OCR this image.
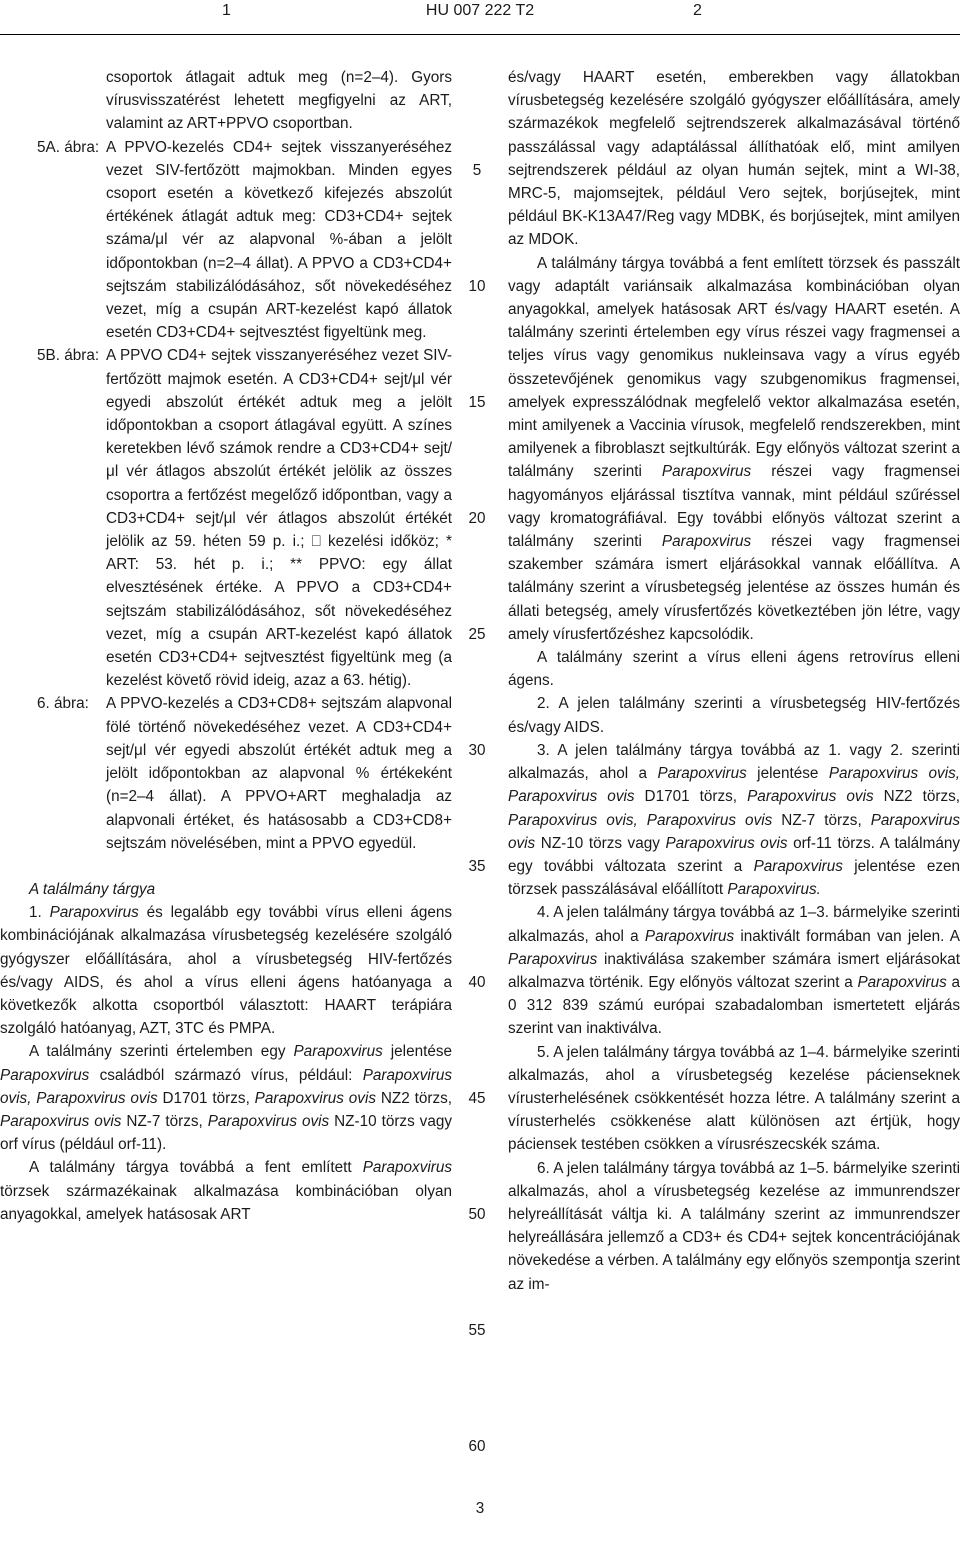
1	HU 007 222 T2	2

csoportok átlagait adtuk meg (n=2–4). Gyors vírusvisszatérést lehetett megfigyelni az ART, valamint az ART+PPVO csoportban.

5A. ábra: A PPVO-kezelés CD4+ sejtek visszanyeréséhez vezet SIV-fertőzött majmokban. Minden egyes csoport esetén a következő kifejezés abszolút értékének átlagát adtuk meg: CD3+CD4+ sejtek száma/μl vér az alapvonal %-ában a jelölt időpontokban (n=2–4 állat). A PPVO a CD3+CD4+ sejtszám stabilizálódásához, sőt növekedéséhez vezet, míg a csupán ART-kezelést kapó állatok esetén CD3+CD4+ sejtvesztést figyeltünk meg.

5B. ábra: A PPVO CD4+ sejtek visszanyeréséhez vezet SIV-fertőzött majmok esetén. A CD3+CD4+ sejt/μl vér egyedi abszolút értékét adtuk meg a jelölt időpontokban a csoport átlagával együtt. A színes keretekben lévő számok rendre a CD3+CD4+ sejt/μl vér átlagos abszolút értékét jelölik az összes csoportra a fertőzést megelőző időpontban, vagy a CD3+CD4+ sejt/μl vér átlagos abszolút értékét jelölik az 59. héten 59 p. i.; ⎕ kezelési időköz; * ART: 53. hét p. i.; ** PPVO: egy állat elvesztésének értéke. A PPVO a CD3+CD4+ sejtszám stabilizálódásához, sőt növekedéséhez vezet, míg a csupán ART-kezelést kapó állatok esetén CD3+CD4+ sejtvesztést figyeltünk meg (a kezelést követő rövid ideig, azaz a 63. hétig).

6. ábra:	A PPVO-kezelés a CD3+CD8+ sejtszám alapvonal fölé történő növekedéséhez vezet. A CD3+CD4+ sejt/μl vér egyedi abszolút értékét adtuk meg a jelölt időpontokban az alapvonal % értékeként (n=2–4 állat). A PPVO+ART meghaladja az alapvonali értéket, és hatásosabb a CD3+CD8+ sejtszám növelésében, mint a PPVO egyedül.

A találmány tárgya

1. Parapoxvirus és legalább egy további vírus elleni ágens kombinációjának alkalmazása vírusbetegség kezelésére szolgáló gyógyszer előállítására, ahol a vírusbetegség HIV-fertőzés és/vagy AIDS, és ahol a vírus elleni ágens hatóanyaga a következők alkotta csoportból választott: HAART terápiára szolgáló hatóanyag, AZT, 3TC és PMPA.

A találmány szerinti értelemben egy Parapoxvirus jelentése Parapoxvirus családból származó vírus, például: Parapoxvirus ovis, Parapoxvirus ovis D1701 törzs, Parapoxvirus ovis NZ2 törzs, Parapoxvirus ovis NZ-7 törzs, Parapoxvirus ovis NZ-10 törzs vagy orf vírus (például orf-11).

A találmány tárgya továbbá a fent említett Parapoxvirus törzsek származékainak alkalmazása kombinációban olyan anyagokkal, amelyek hatásosak ART

5
10
15
20
25
30
35
40
45
50
55
60

és/vagy HAART esetén, emberekben vagy állatokban vírusbetegség kezelésére szolgáló gyógyszer előállítására, amely származékok megfelelő sejtrendszerek alkalmazásával történő passzálással vagy adaptálással állíthatóak elő, mint amilyen sejtrendszerek például az olyan humán sejtek, mint a WI-38, MRC-5, majomsejtek, például Vero sejtek, borjúsejtek, mint például BK-K13A47/Reg vagy MDBK, és borjúsejtek, mint amilyen az MDOK.

A találmány tárgya továbbá a fent említett törzsek és passzált vagy adaptált variánsaik alkalmazása kombinációban olyan anyagokkal, amelyek hatásosak ART és/vagy HAART esetén. A találmány szerinti értelemben egy vírus részei vagy fragmensei a teljes vírus vagy genomikus nukleinsava vagy a vírus egyéb összetevőjének genomikus vagy szubgenomikus fragmensei, amelyek expresszálódnak megfelelő vektor alkalmazása esetén, mint amilyenek a Vaccinia vírusok, megfelelő rendszerekben, mint amilyenek a fibroblaszt sejtkultúrák. Egy előnyös változat szerint a találmány szerinti Parapoxvirus részei vagy fragmensei hagyományos eljárással tisztítva vannak, mint például szűréssel vagy kromatográfiával. Egy további előnyös változat szerint a találmány szerinti Parapoxvirus részei vagy fragmensei szakember számára ismert eljárásokkal vannak előállítva. A találmány szerint a vírusbetegség jelentése az összes humán és állati betegség, amely vírusfertőzés következtében jön létre, vagy amely vírusfertőzéshez kapcsolódik.

A találmány szerint a vírus elleni ágens retrovírus elleni ágens.

2. A jelen találmány szerinti a vírusbetegség HIV-fertőzés és/vagy AIDS.

3. A jelen találmány tárgya továbbá az 1. vagy 2. szerinti alkalmazás, ahol a Parapoxvirus jelentése Parapoxvirus ovis, Parapoxvirus ovis D1701 törzs, Parapoxvirus ovis NZ2 törzs, Parapoxvirus ovis, Parapoxvirus ovis NZ-7 törzs, Parapoxvirus ovis NZ-10 törzs vagy Parapoxvirus ovis orf-11 törzs. A találmány egy további változata szerint a Parapoxvirus jelentése ezen törzsek passzálásával előállított Parapoxvirus.

4. A jelen találmány tárgya továbbá az 1–3. bármelyike szerinti alkalmazás, ahol a Parapoxvirus inaktivált formában van jelen. A Parapoxvirus inaktiválása szakember számára ismert eljárásokat alkalmazva történik. Egy előnyös változat szerint a Parapoxvirus a 0 312 839 számú európai szabadalomban ismertetett eljárás szerint van inaktiválva.

5. A jelen találmány tárgya továbbá az 1–4. bármelyike szerinti alkalmazás, ahol a vírusbetegség kezelése pácienseknek vírusterhelésének csökkentését hozza létre. A találmány szerint a vírusterhelés csökkenése alatt különösen azt értjük, hogy páciensek testében csökken a vírusrészecskék száma.

6. A jelen találmány tárgya továbbá az 1–5. bármelyike szerinti alkalmazás, ahol a vírusbetegség kezelése az immunrendszer helyreállítását váltja ki. A találmány szerint az immunrendszer helyreállására jellemző a CD3+ és CD4+ sejtek koncentrációjának növekedése a vérben. A találmány egy előnyös szempontja szerint az im-

3
